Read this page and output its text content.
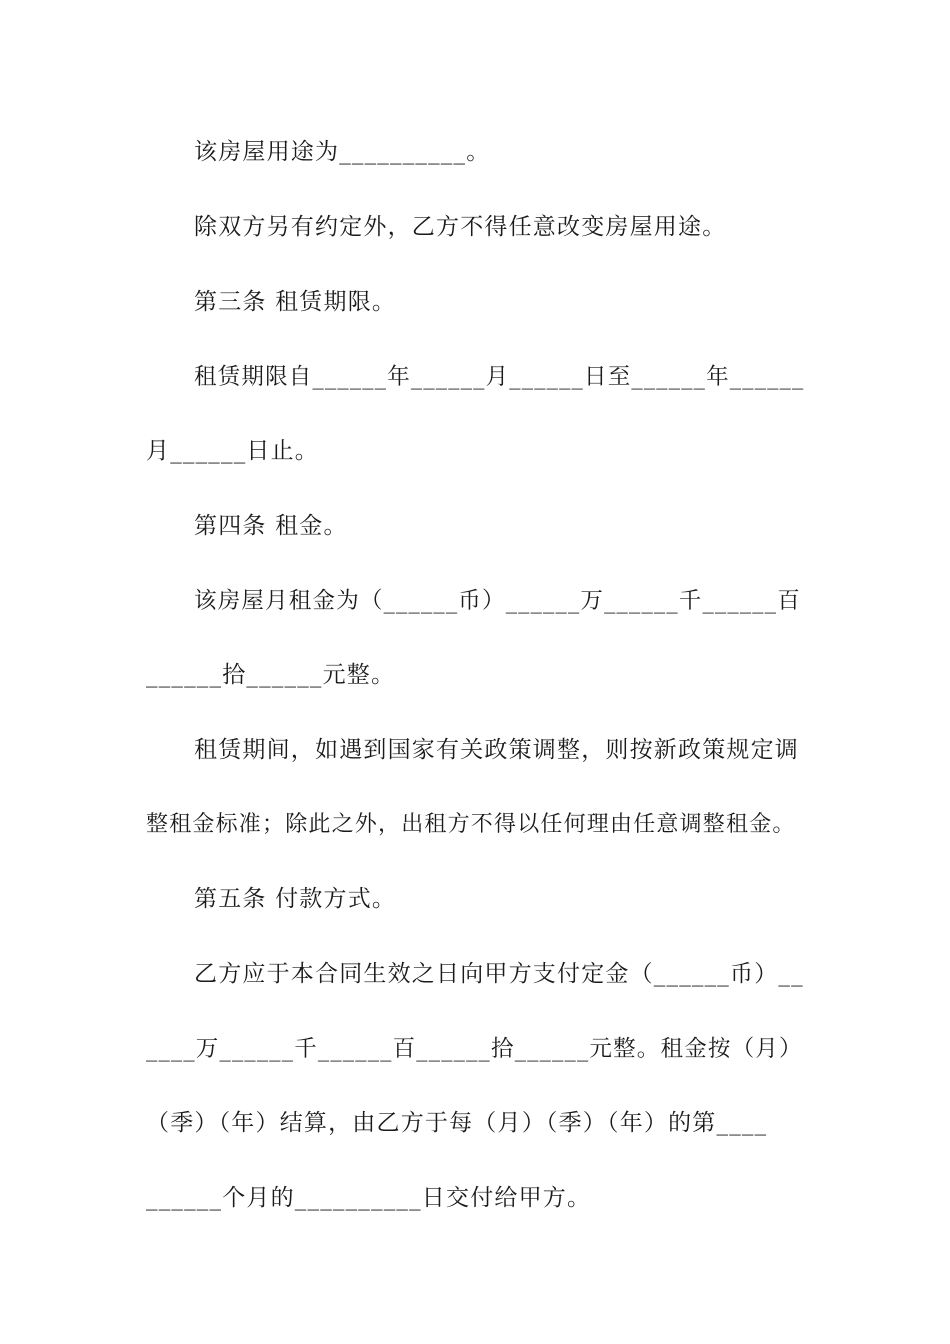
该房屋用途为__________。
除双方另有约定外，乙方不得任意改变房屋用途。
第三条 租赁期限。
租赁期限自______年______月______日至______年______
月______日止。
第四条 租金。
该房屋月租金为（______币）______万______千______百
______拾______元整。
租赁期间，如遇到国家有关政策调整，则按新政策规定调
整租金标准；除此之外，出租方不得以任何理由任意调整租金。
第五条 付款方式。
乙方应于本合同生效之日向甲方支付定金（______币）__
____万______千______百______拾______元整。租金按（月）
（季）（年）结算，由乙方于每（月）（季）（年）的第____
______个月的__________日交付给甲方。
